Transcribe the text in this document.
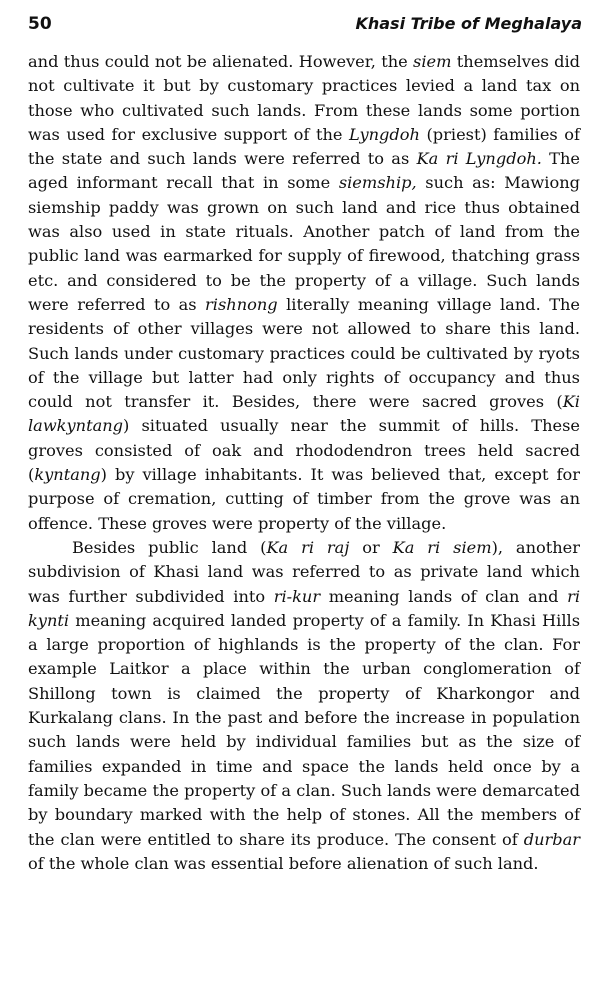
50	Khasi Tribe of Meghalaya

and thus could not be alienated. However, the siem themselves did not cultivate it but by customary practices levied a land tax on those who cultivated such lands. From these lands some portion was used for exclusive support of the Lyngdoh (priest) families of the state and such lands were referred to as Ka ri Lyngdoh. The aged informant recall that in some siemship, such as: Mawiong siemship paddy was grown on such land and rice thus obtained was also used in state rituals. Another patch of land from the public land was earmarked for supply of firewood, thatching grass etc. and considered to be the property of a village. Such lands were referred to as rishnong literally meaning village land. The residents of other villages were not allowed to share this land. Such lands under customary practices could be cultivated by ryots of the village but latter had only rights of occupancy and thus could not transfer it. Besides, there were sacred groves (Ki lawkyntang) situated usually near the summit of hills. These groves consisted of oak and rhododendron trees held sacred (kyntang) by village inhabitants. It was believed that, except for purpose of cremation, cutting of timber from the grove was an offence. These groves were property of the village.

Besides public land (Ka ri raj or Ka ri siem), another subdivision of Khasi land was referred to as private land which was further subdivided into ri-kur meaning lands of clan and ri kynti meaning acquired landed property of a family. In Khasi Hills a large proportion of highlands is the property of the clan. For example Laitkor a place within the urban conglomeration of Shillong town is claimed the property of Kharkongor and Kurkalang clans. In the past and before the increase in population such lands were held by individual families but as the size of families expanded in time and space the lands held once by a family became the property of a clan. Such lands were demarcated by boundary marked with the help of stones. All the members of the clan were entitled to share its produce. The consent of durbar of the whole clan was essential before alienation of such land.
